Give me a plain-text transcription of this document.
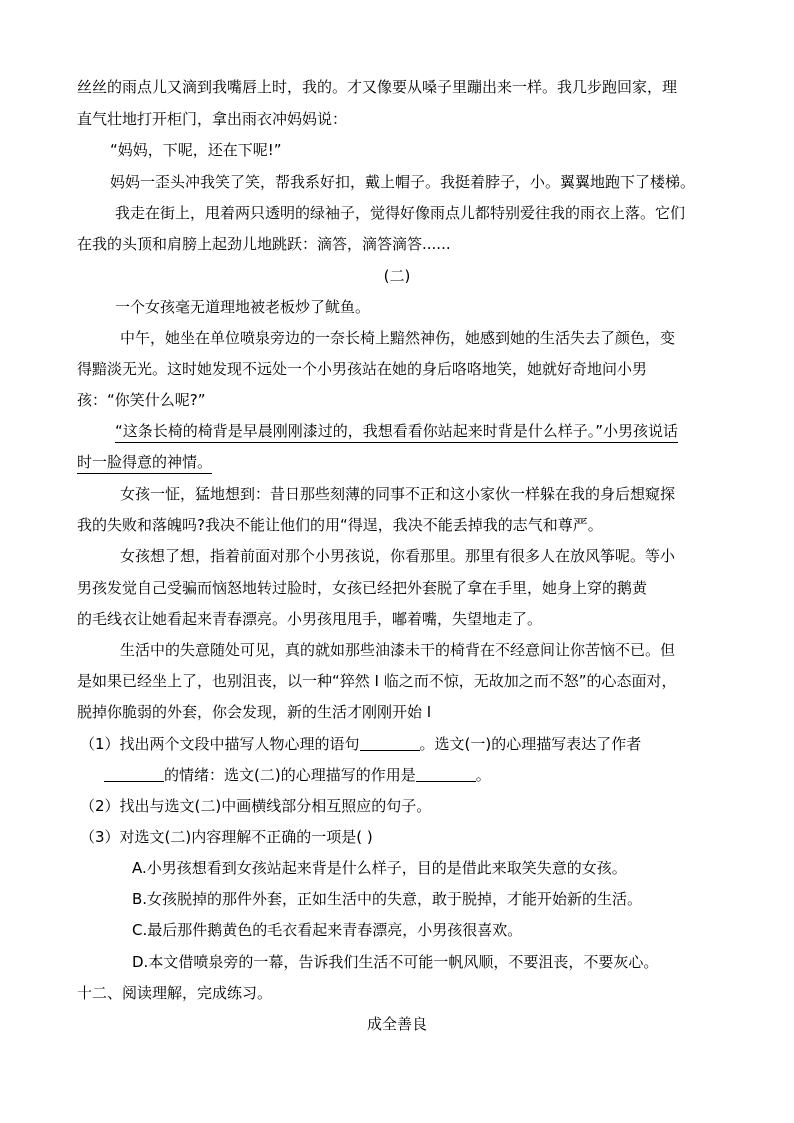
丝丝的雨点儿又滴到我嘴唇上时，我的。才又像要从嗓子里蹦出来一样。我几步跑回家，理
直气壮地打开柜门，拿出雨衣冲妈妈说：
“妈妈，下呢，还在下呢!”
妈妈一歪头冲我笑了笑，帮我系好扣，戴上帽子。我挺着脖子，小。翼翼地跑下了楼梯。
我走在街上，甩着两只透明的绿袖子，觉得好像雨点儿都特别爱往我的雨衣上落。它们
在我的头顶和肩膀上起劲儿地跳跃：滴答，滴答滴答......
(二)
一个女孩毫无道理地被老板炒了鱿鱼。
中午，她坐在单位喷泉旁边的一奈长椅上黯然神伤，她感到她的生活失去了颜色，变
得黯淡无光。这时她发现不远处一个小男孩站在她的身后咯咯地笑，她就好奇地问小男
孩：“你笑什么呢?”
“这条长椅的椅背是早晨刚刚漆过的，我想看看你站起来时背是什么样子。”小男孩说话
时一脸得意的神情。
女孩一怔，猛地想到：昔日那些刻薄的同事不正和这小家伙一样躲在我的身后想窥探
我的失败和落魄吗?我决不能让他们的用“得逞，我决不能丢掉我的志气和尊严。
女孩想了想，指着前面对那个小男孩说，你看那里。那里有很多人在放风筝呢。等小
男孩发觉自己受骗而恼怒地转过脸时，女孩已经把外套脱了拿在手里，她身上穿的鹅黄
的毛线衣让她看起来青春漂亮。小男孩甩甩手，嘟着嘴，失望地走了。
生活中的失意随处可见，真的就如那些油漆未干的椅背在不经意间让你苦恼不已。但
是如果已经坐上了，也别沮丧，以一种“猝然 I 临之而不惊，无故加之而不怒”的心态面对，
脱掉你脆弱的外套，你会发现，新的生活才刚刚开始 I
（1）找出两个文段中描写人物心理的语句	。选文(一)的心理描写表达了作者
的情绪：选文(二)的心理描写的作用是	。
（2）找出与选文(二)中画横线部分相互照应的句子。
（3）对选文(二)内容理解不正确的一项是( )
A.小男孩想看到女孩站起来背是什么样子，目的是借此来取笑失意的女孩。
B.女孩脱掉的那件外套，正如生活中的失意，敢于脱掉，才能开始新的生活。
C.最后那件鹅黄色的毛衣看起来青春漂亮，小男孩很喜欢。
D.本文借喷泉旁的一幕，告诉我们生活不可能一帆风顺，不要沮丧，不要灰心。
十二、阅读理解，完成练习。
成全善良
